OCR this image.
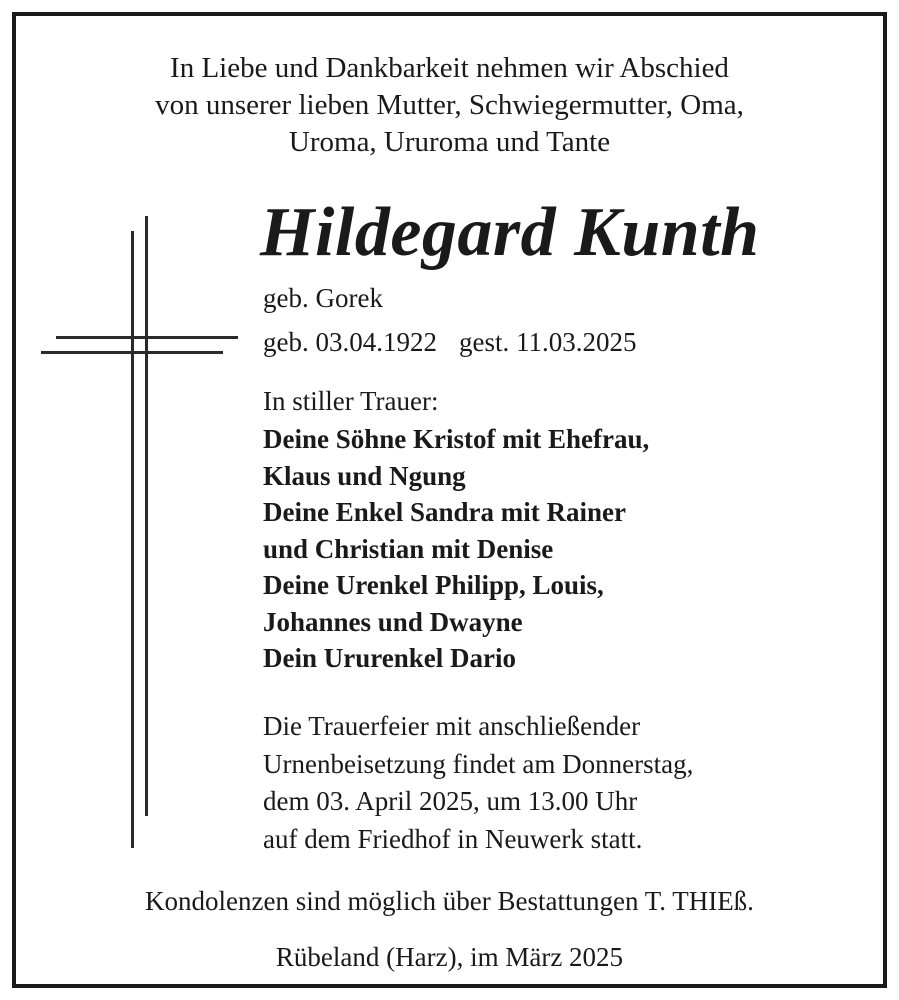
In Liebe und Dankbarkeit nehmen wir Abschied
von unserer lieben Mutter, Schwiegermutter, Oma,
Uroma, Ururoma und Tante
Hildegard Kunth
geb. Gorek
geb. 03.04.1922 gest. 11.03.2025
In stiller Trauer:
Deine Söhne Kristof mit Ehefrau,
Klaus und Ngung
Deine Enkel Sandra mit Rainer
und Christian mit Denise
Deine Urenkel Philipp, Louis,
Johannes und Dwayne
Dein Ururenkel Dario
Die Trauerfeier mit anschließender
Urnenbeisetzung findet am Donnerstag,
dem 03. April 2025, um 13.00 Uhr
auf dem Friedhof in Neuwerk statt.
Kondolenzen sind möglich über Bestattungen T. THIEß.
Rübeland (Harz), im März 2025
